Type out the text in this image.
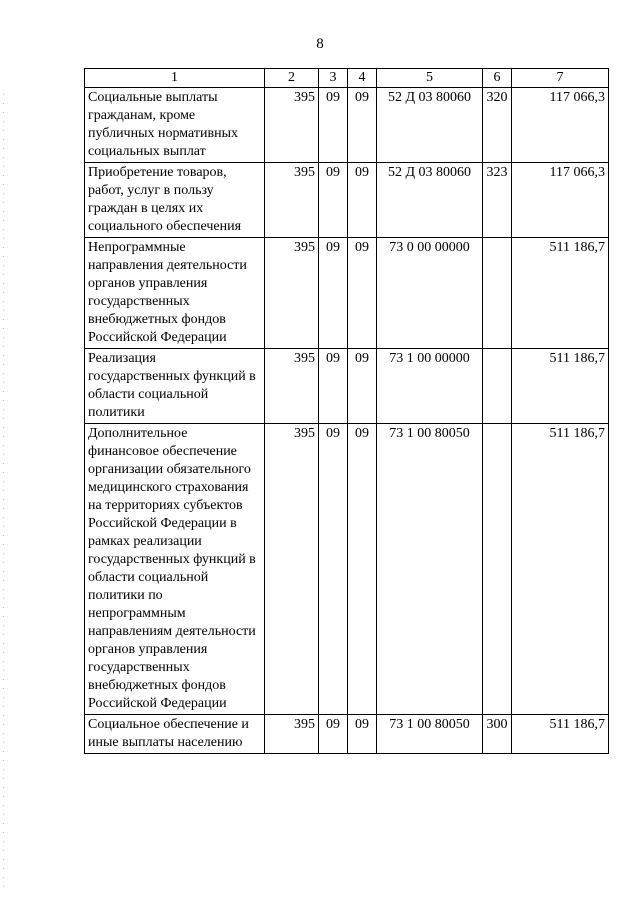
8
1	2	3	4	5	6	7
Социальные выплаты гражданам, кроме публичных нормативных социальных выплат	395	09	09	52 Д 03 80060	320	117 066,3
Приобретение товаров, работ, услуг в пользу граждан в целях их социального обеспечения	395	09	09	52 Д 03 80060	323	117 066,3
Непрограммные направления деятельности органов управления государственных внебюджетных фондов Российской Федерации	395	09	09	73 0 00 00000		511 186,7
Реализация государственных функций в области социальной политики	395	09	09	73 1 00 00000		511 186,7
Дополнительное финансовое обеспечение организации обязательного медицинского страхования на территориях субъектов Российской Федерации в рамках реализации государственных функций в области социальной политики по непрограммным направлениям деятельности органов управления государственных внебюджетных фондов Российской Федерации	395	09	09	73 1 00 80050		511 186,7
Социальное обеспечение и иные выплаты населению	395	09	09	73 1 00 80050	300	511 186,7
